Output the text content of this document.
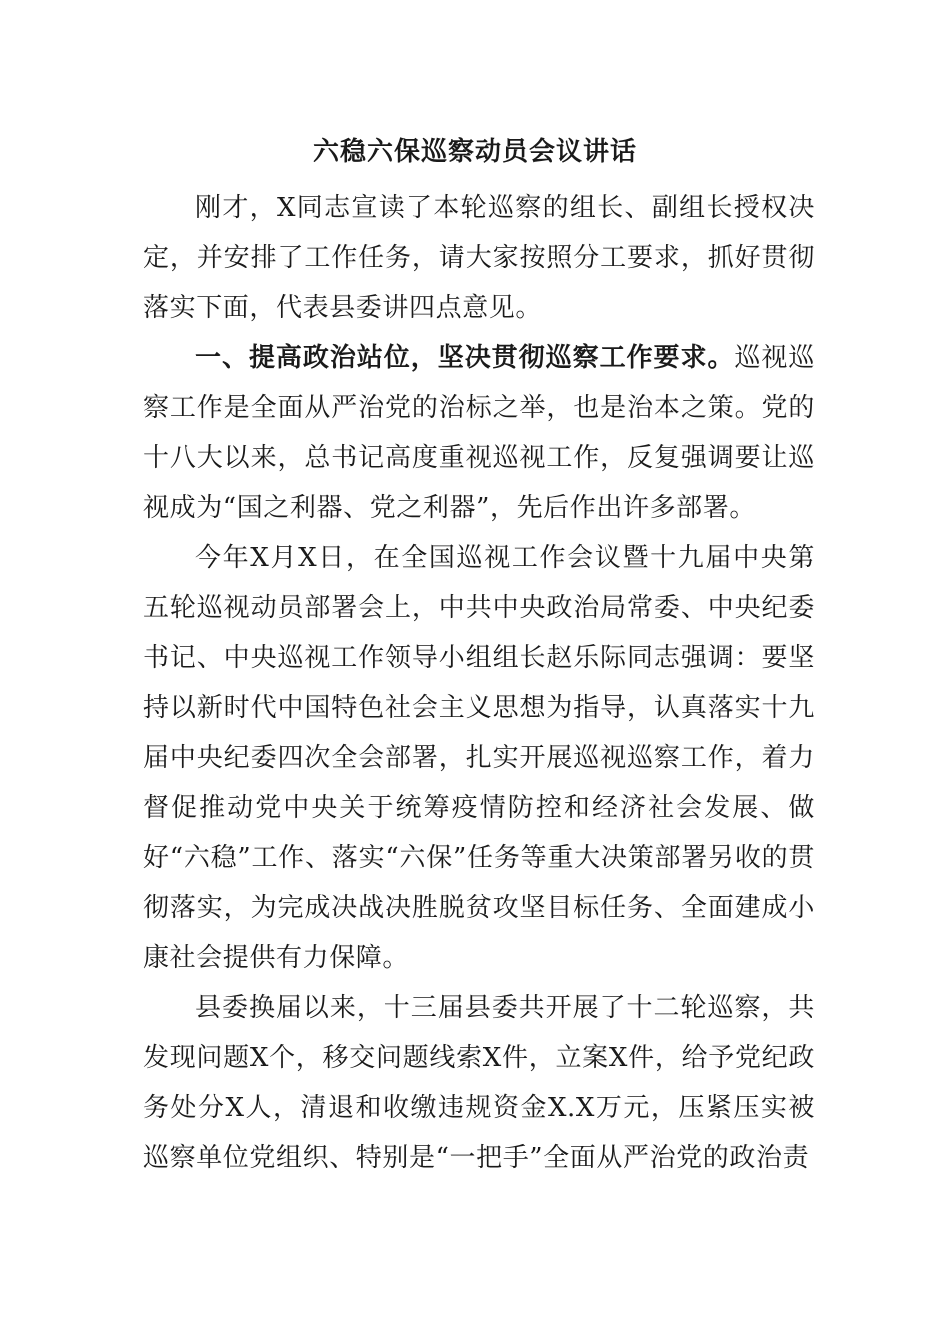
六稳六保巡察动员会议讲话

刚才，X同志宣读了本轮巡察的组长、副组长授权决定，并安排了工作任务，请大家按照分工要求，抓好贯彻落实下面，代表县委讲四点意见。

一、提高政治站位，坚决贯彻巡察工作要求。巡视巡察工作是全面从严治党的治标之举，也是治本之策。党的十八大以来，总书记高度重视巡视工作，反复强调要让巡视成为“国之利器、党之利器”，先后作出许多部署。

今年X月X日，在全国巡视工作会议暨十九届中央第五轮巡视动员部署会上，中共中央政治局常委、中央纪委书记、中央巡视工作领导小组组长赵乐际同志强调：要坚持以新时代中国特色社会主义思想为指导，认真落实十九届中央纪委四次全会部署，扎实开展巡视巡察工作，着力督促推动党中央关于统筹疫情防控和经济社会发展、做好“六稳”工作、落实“六保”任务等重大决策部署另收的贯彻落实，为完成决战决胜脱贫攻坚目标任务、全面建成小康社会提供有力保障。

县委换届以来，十三届县委共开展了十二轮巡察，共发现问题X个，移交问题线索X件，立案X件，给予党纪政务处分X人，清退和收缴违规资金X.X万元，压紧压实被巡察单位党组织、特别是“一把手”全面从严治党的政治责
